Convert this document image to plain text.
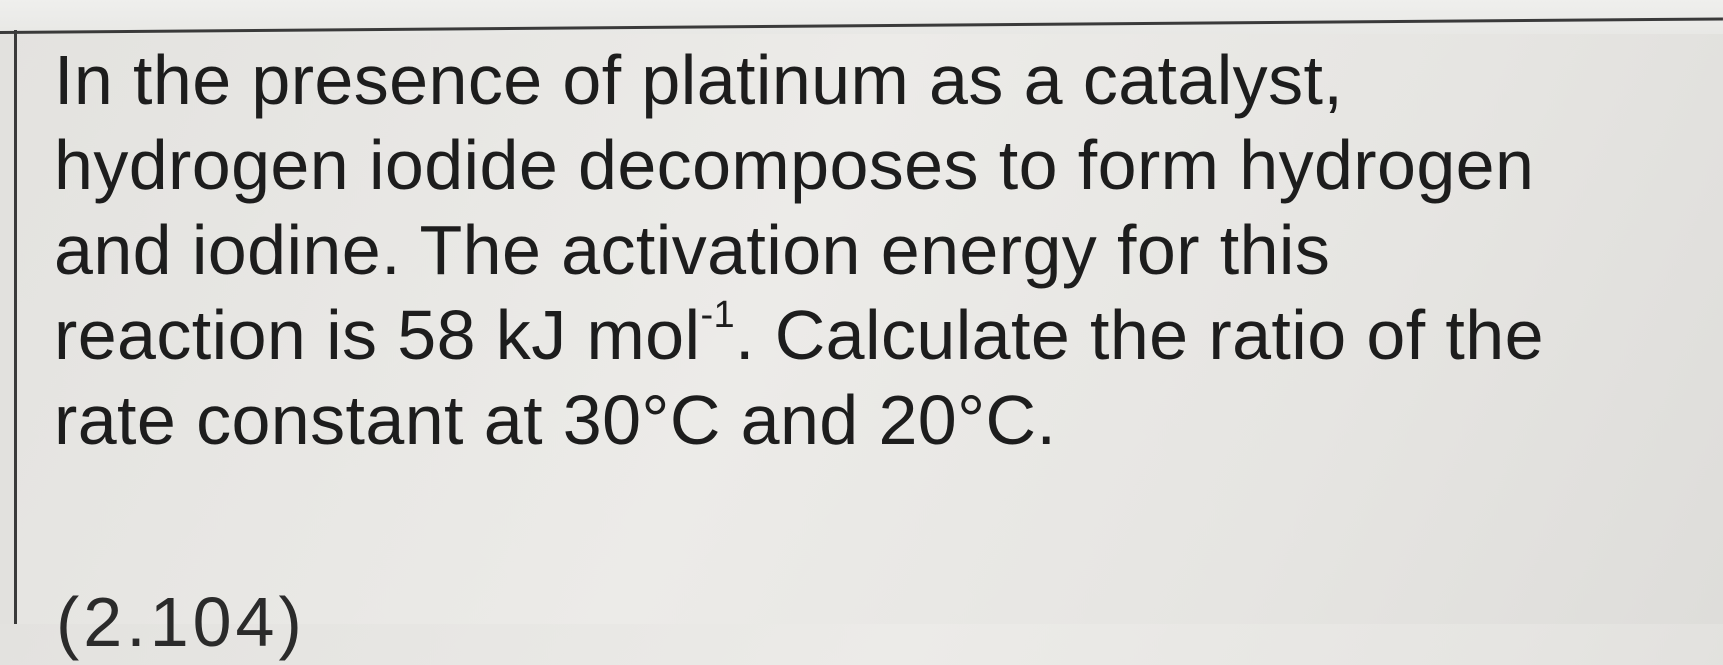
In the presence of platinum as a catalyst,
hydrogen iodide decomposes to form hydrogen
and iodine. The activation energy for this
reaction is 58 kJ mol$^{-1}$. Calculate the ratio of the
rate constant at 30°C and 20°C.
(2.104)
